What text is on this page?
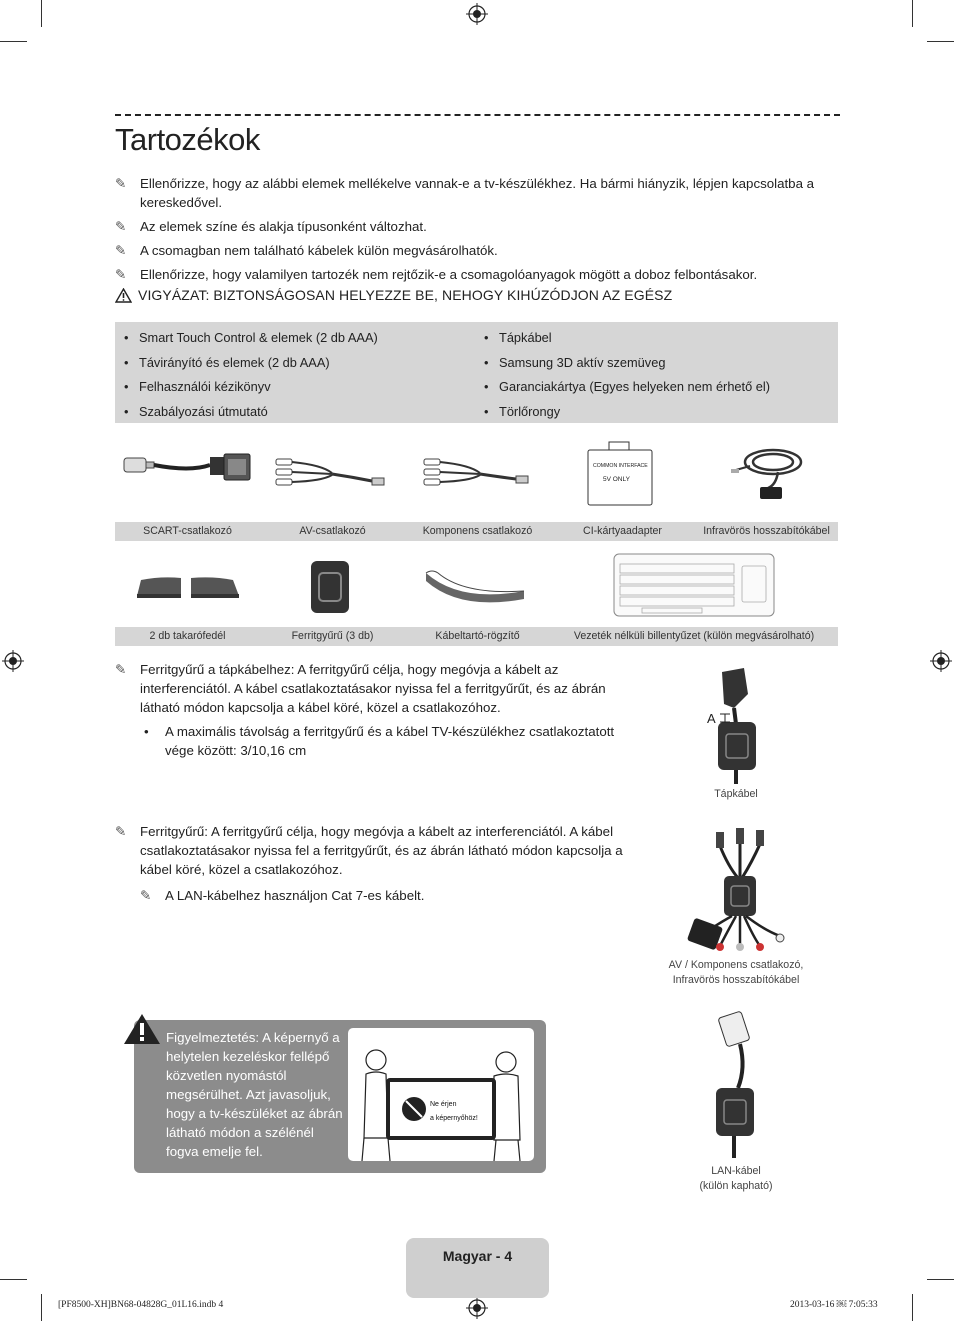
Tartozékok
✎	Ellenőrizze, hogy az alábbi elemek mellékelve vannak-e a tv-készülékhez. Ha bármi hiányzik, lépjen kapcsolatba a kereskedővel.
✎	Az elemek színe és alakja típusonként változhat.
✎	A csomagban nem található kábelek külön megvásárolhatók.
✎	Ellenőrizze, hogy valamilyen tartozék nem rejtőzik-e a csomagolóanyagok mögött a doboz felbontásakor.
VIGYÁZAT: BIZTONSÁGOSAN HELYEZZE BE, NEHOGY KIHÚZÓDJON AZ EGÉSZ
• Smart Touch Control & elemek (2 db AAA)
• Távirányító és elemek (2 db AAA)
• Felhasználói kézikönyv
• Szabályozási útmutató
• Tápkábel
• Samsung 3D aktív szemüveg
• Garanciakártya (Egyes helyeken nem érhető el)
• Törlőrongy
COMMON INTERFACE
5V ONLY
SCART-csatlakozó	AV-csatlakozó	Komponens csatlakozó	CI-kártyaadapter	Infravörös hosszabítókábel
2 db takarófedél	Ferritgyűrű (3 db)	Kábeltartó-rögzítő	Vezeték nélküli billentyűzet (külön megvásárolható)
✎	Ferritgyűrű a tápkábelhez: A ferritgyűrű célja, hogy megóvja a kábelt az interferenciától. A kábel csatlakoztatásakor nyissa fel a ferritgyűrűt, és az ábrán látható módon kapcsolja a kábel köré, közel a csatlakozóhoz.
•	A maximális távolság a ferritgyűrű és a kábel TV-készülékhez csatlakoztatott vége között: 3/10,16 cm
A
Tápkábel
✎	Ferritgyűrű: A ferritgyűrű célja, hogy megóvja a kábelt az interferenciától. A kábel csatlakoztatásakor nyissa fel a ferritgyűrűt, és az ábrán látható módon kapcsolja a kábel köré, közel a csatlakozóhoz.
✎	A LAN-kábelhez használjon Cat 7-es kábelt.
AV / Komponens csatlakozó,
Infravörös hosszabítókábel
Figyelmeztetés: A képernyő a helytelen kezeléskor fellépő közvetlen nyomástól megsérülhet. Azt javasoljuk, hogy a tv-készüléket az ábrán látható módon a szélénél fogva emelje fel.
Ne érjen
a képernyőhöz!
LAN-kábel
(külön kapható)
Magyar - 4
[PF8500-XH]BN68-04828G_01L16.indb 4	2013-03-16 ￼ 7:05:33
